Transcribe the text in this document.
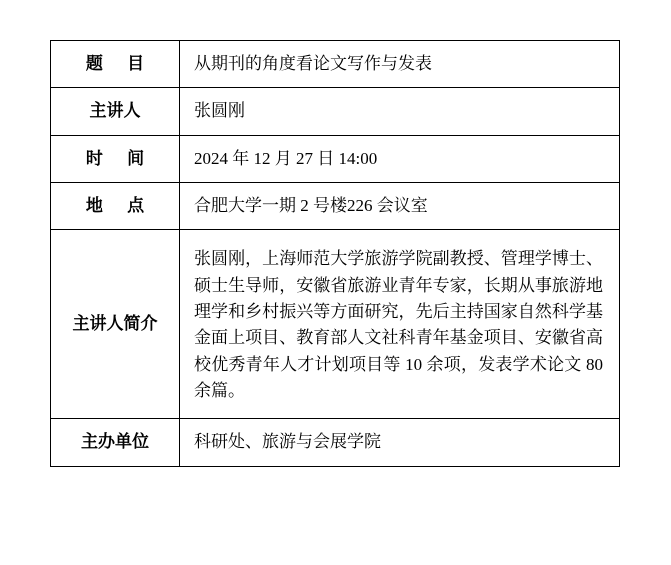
题 目	从期刊的角度看论文写作与发表
主讲人	张圆刚
时 间	2024 年 12 月 27 日 14:00
地 点	合肥大学一期 2 号楼226 会议室
主讲人简介	张圆刚，上海师范大学旅游学院副教授、管理学博士、硕士生导师，安徽省旅游业青年专家，长期从事旅游地理学和乡村振兴等方面研究，先后主持国家自然科学基金面上项目、教育部人文社科青年基金项目、安徽省高校优秀青年人才计划项目等 10 余项，发表学术论文 80 余篇。
主办单位	科研处、旅游与会展学院
